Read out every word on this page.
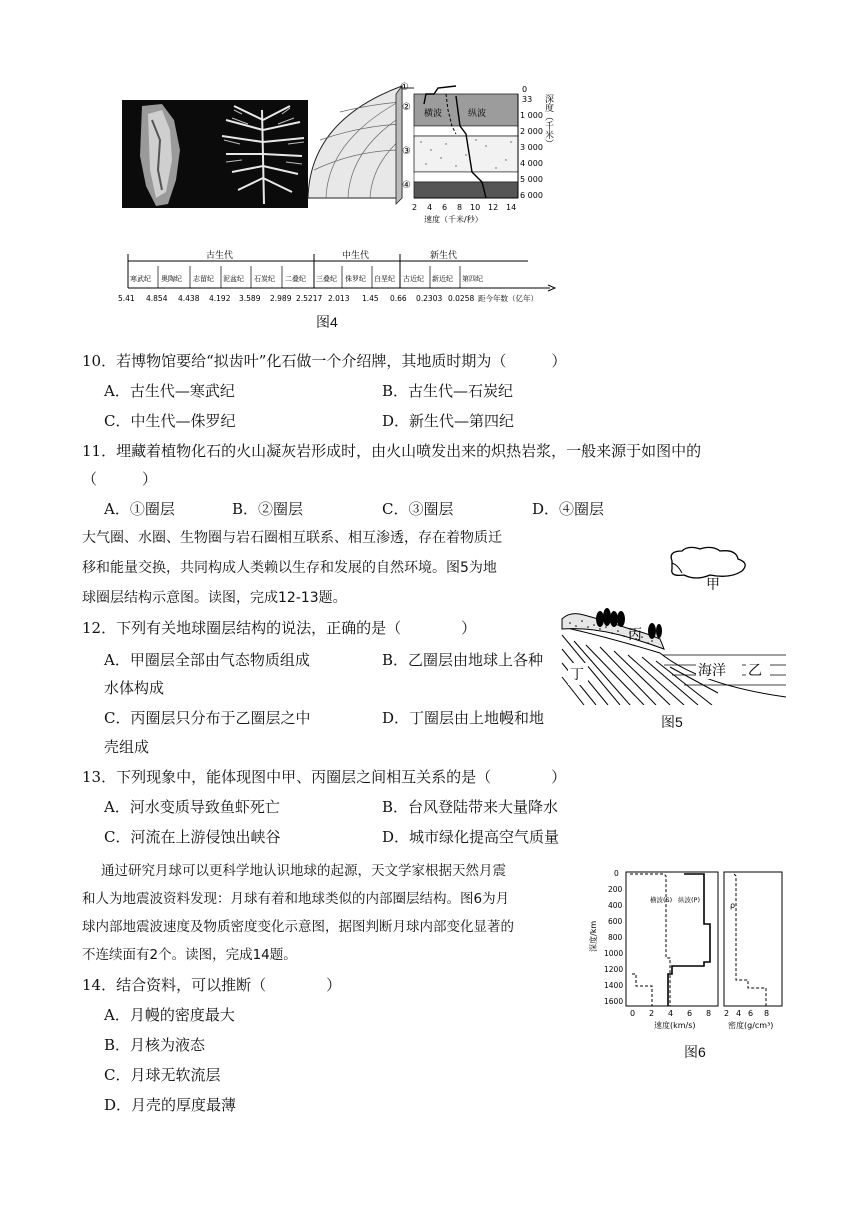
2 4 6 8 10 12 14
速度（千米/秒）
0
33
1 000
2 000
3 000
4 000
5 000
6 000
深度（千米）
①
②
③
④
横波	纵波
古生代	中生代	新生代
寒武纪 奥陶纪 志留纪 泥盆纪 石炭纪 二叠纪 三叠纪 侏罗纪 白垩纪 古近纪 新近纪 第四纪
5.41 4.854 4.438 4.192 3.589 2.989 2.5217 2.013 1.45 0.66 0.2303 0.0258 距今年数（亿年）
图4
10．若博物馆要给“拟齿叶”化石做一个介绍牌，其地质时期为（　　　）
A．古生代—寒武纪	B．古生代—石炭纪
C．中生代—侏罗纪	D．新生代—第四纪
11．埋藏着植物化石的火山凝灰岩形成时，由火山喷发出来的炽热岩浆，一般来源于如图中的
（　　　）
A．①圈层	B．②圈层	C．③圈层	D．④圈层
大气圈、水圈、生物圈与岩石圈相互联系、相互渗透，存在着物质迁
移和能量交换，共同构成人类赖以生存和发展的自然环境。图5为地
球圈层结构示意图。读图，完成12-13题。
甲
丙
海洋 乙
丁
图5
12．下列有关地球圈层结构的说法，正确的是（　　　　）
A．甲圈层全部由气态物质组成	B．乙圈层由地球上各种
水体构成
C．丙圈层只分布于乙圈层之中	D．丁圈层由上地幔和地
壳组成
13．下列现象中，能体现图中甲、丙圈层之间相互关系的是（　　　　）
A．河水变质导致鱼虾死亡	B．台风登陆带来大量降水
C．河流在上游侵蚀出峡谷	D．城市绿化提高空气质量
通过研究月球可以更科学地认识地球的起源，天文学家根据天然月震
和人为地震波资料发现：月球有着和地球类似的内部圈层结构。图6为月
球内部地震波速度及物质密度变化示意图，据图判断月球内部变化显著的
不连续面有2个。读图，完成14题。
深度/km
0
200
400
600
800
1000
1200
1400
1600
0 2 4 6 8
速度(km/s)
2 4 6 8
密度(g/cm³)
横波(S) 纵波(P)
ρ
图6
14．结合资料，可以推断（　　　　）
A．月幔的密度最大
B．月核为液态
C．月球无软流层
D．月壳的厚度最薄
